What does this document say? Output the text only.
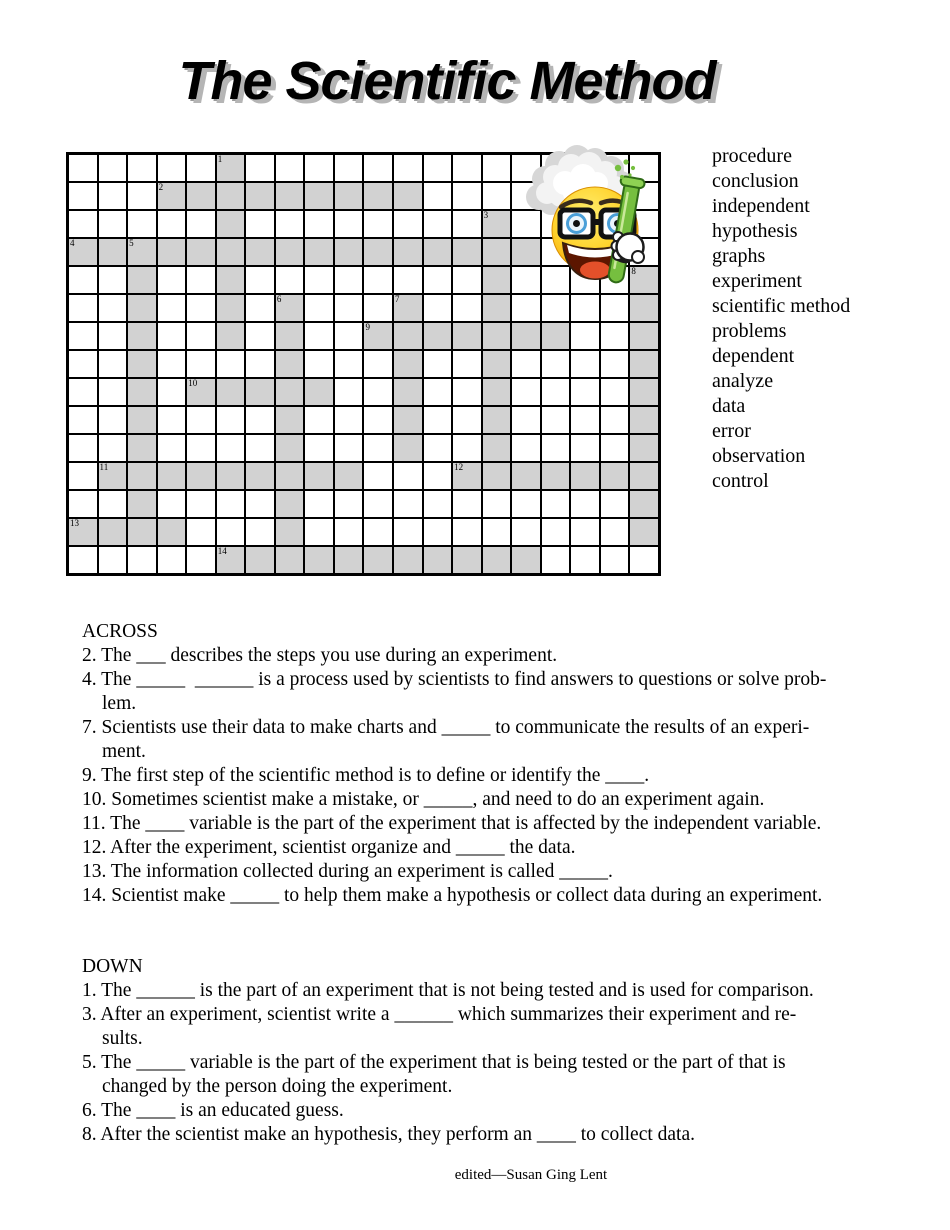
The Scientific Method
1
2
3
4	5
8
6	7
9
10
11	12
13
14
procedure
conclusion
independent
hypothesis
graphs
experiment
scientific method
problems
dependent
analyze
data
error
observation
control
ACROSS
2. The ___ describes the steps you use during an experiment.
4. The _____  ______ is a process used by scientists to find answers to questions or solve prob-
lem.
7. Scientists use their data to make charts and _____ to communicate the results of an experi-
ment.
9. The first step of the scientific method is to define or identify the ____.
10. Sometimes scientist make a mistake, or _____, and need to do an experiment again.
11. The ____ variable is the part of the experiment that is affected by the independent variable.
12. After the experiment, scientist organize and _____ the data.
13. The information collected during an experiment is called _____.
14. Scientist make _____ to help them make a hypothesis or collect data during an experiment.
DOWN
1. The ______ is the part of an experiment that is not being tested and is used for comparison.
3. After an experiment, scientist write a ______ which summarizes their experiment and re-
sults.
5. The _____ variable is the part of the experiment that is being tested or the part of that is
changed by the person doing the experiment.
6. The ____ is an educated guess.
8. After the scientist make an hypothesis, they perform an ____ to collect data.
edited—Susan Ging Lent
